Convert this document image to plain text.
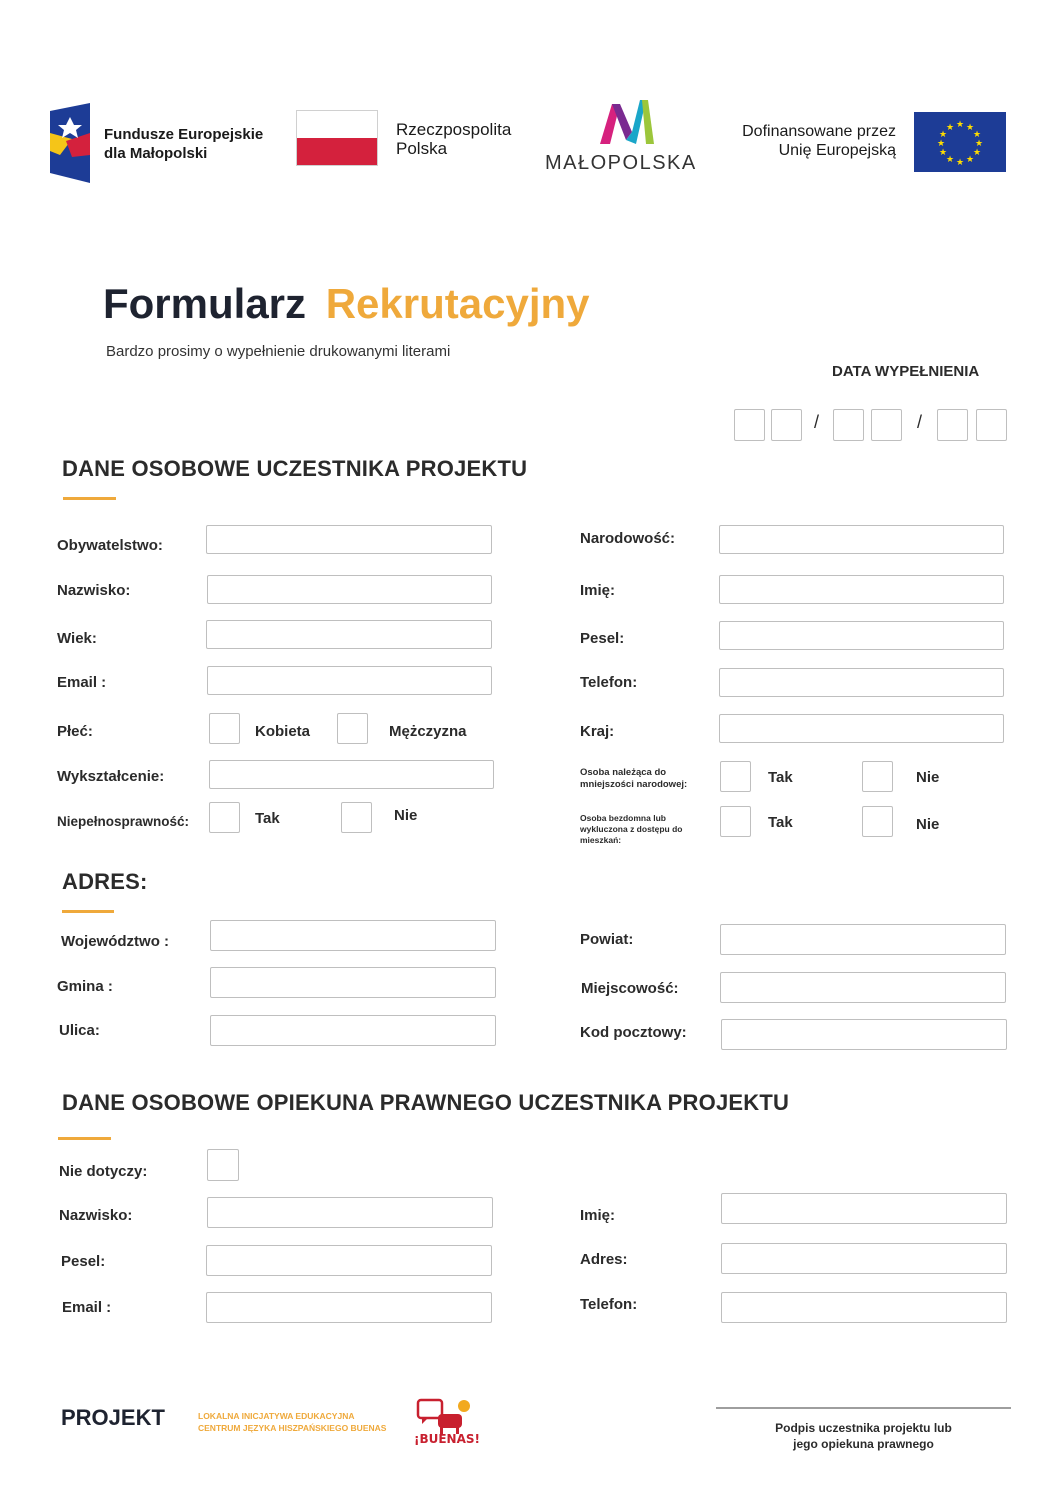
Fundusze Europejskie
dla Małopolski
Rzeczpospolita
Polska
MAŁOPOLSKA
Dofinansowane przez
Unię Europejską
★ ★
★
★
★
★
★
★
★
★
★
★
Formularz Rekrutacyjny
Bardzo prosimy o wypełnienie drukowanymi literami
DATA WYPEŁNIENIA
/	/
DANE OSOBOWE UCZESTNIKA PROJEKTU
Obywatelstwo:
Nazwisko:
Wiek:
Email :
Płeć:	Kobieta	Mężczyzna
Wykształcenie:
Niepełnosprawność:	Tak	Nie
Narodowość:
Imię:
Pesel:
Telefon:
Kraj:
Osoba należąca do mniejszości narodowej:	Tak	Nie
Osoba bezdomna lub wykluczona z dostępu do mieszkań:
Tak	Nie
ADRES:
Województwo :
Gmina :
Ulica:
Powiat:
Miejscowość:
Kod pocztowy:
DANE OSOBOWE OPIEKUNA PRAWNEGO UCZESTNIKA PROJEKTU
Nie dotyczy:
Nazwisko:
Pesel:
Email :
Imię:
Adres:
Telefon:
PROJEKT	LOKALNA INICJATYWA EDUKACYJNA
CENTRUM JĘZYKA HISZPAŃSKIEGO BUENAS
¡BUENAS!
Podpis uczestnika projektu lub
jego opiekuna prawnego
